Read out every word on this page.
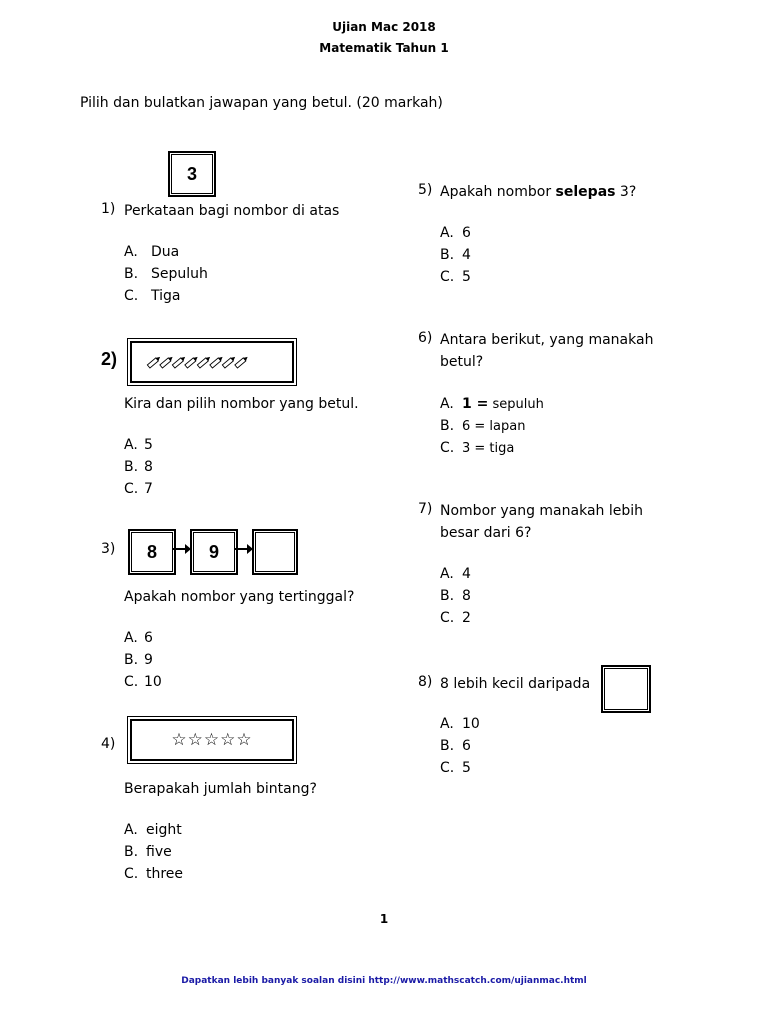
Ujian Mac 2018
Matematik Tahun 1
Pilih dan bulatkan jawapan yang betul. (20 markah)
3
1) Perkataan bagi nombor di atas
A. Dua
B. Sepuluh
C. Tiga
2)
Kira dan pilih nombor yang betul.
A. 5
B. 8
C. 7
3)	8	9
Apakah nombor yang tertinggal?
A. 6
B. 9
C. 10
4)	☆☆☆☆☆
Berapakah jumlah bintang?
A. eight
B. five
C. three
5) Apakah nombor selepas 3?
A. 6
B. 4
C. 5
6) Antara berikut, yang manakah
betul?
A. 1 = sepuluh
B. 6 = lapan
C. 3 = tiga
7) Nombor yang manakah lebih
besar dari 6?
A. 4
B. 8
C. 2
8) 8 lebih kecil daripada
A. 10
B. 6
C. 5
1
Dapatkan lebih banyak soalan disini http://www.mathscatch.com/ujianmac.html
